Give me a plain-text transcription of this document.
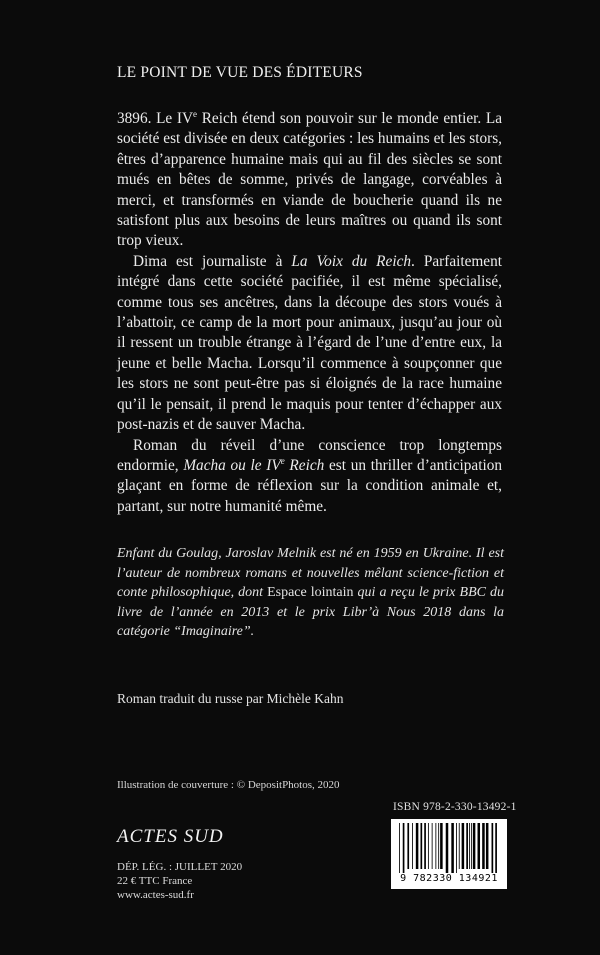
LE POINT DE VUE DES ÉDITEURS

3896. Le IVe Reich étend son pouvoir sur le monde entier. La société est divisée en deux catégories : les humains et les stors, êtres d’apparence humaine mais qui au fil des siècles se sont mués en bêtes de somme, privés de langage, corvéables à merci, et transformés en viande de boucherie quand ils ne satisfont plus aux besoins de leurs maîtres ou quand ils sont trop vieux.

Dima est journaliste à La Voix du Reich. Parfaitement intégré dans cette société pacifiée, il est même spécialisé, comme tous ses ancêtres, dans la découpe des stors voués à l’abattoir, ce camp de la mort pour animaux, jusqu’au jour où il ressent un trouble étrange à l’égard de l’une d’entre eux, la jeune et belle Macha. Lorsqu’il commence à soupçonner que les stors ne sont peut-être pas si éloignés de la race humaine qu’il le pensait, il prend le maquis pour tenter d’échapper aux post-nazis et de sauver Macha.

Roman du réveil d’une conscience trop longtemps endormie, Macha ou le IVe Reich est un thriller d’anticipation glaçant en forme de réflexion sur la condition animale et, partant, sur notre humanité même.

Enfant du Goulag, Jaroslav Melnik est né en 1959 en Ukraine. Il est l’auteur de nombreux romans et nouvelles mêlant science-fiction et conte philosophique, dont Espace lointain qui a reçu le prix BBC du livre de l’année en 2013 et le prix Libr’à Nous 2018 dans la catégorie “Imaginaire”.

Roman traduit du russe par Michèle Kahn
Illustration de couverture : © DepositPhotos, 2020
ISBN 978-2-330-13492-1
9 782330 134921
ACTES SUD
DÉP. LÉG. : JUILLET 2020
22 € TTC France
www.actes-sud.fr
